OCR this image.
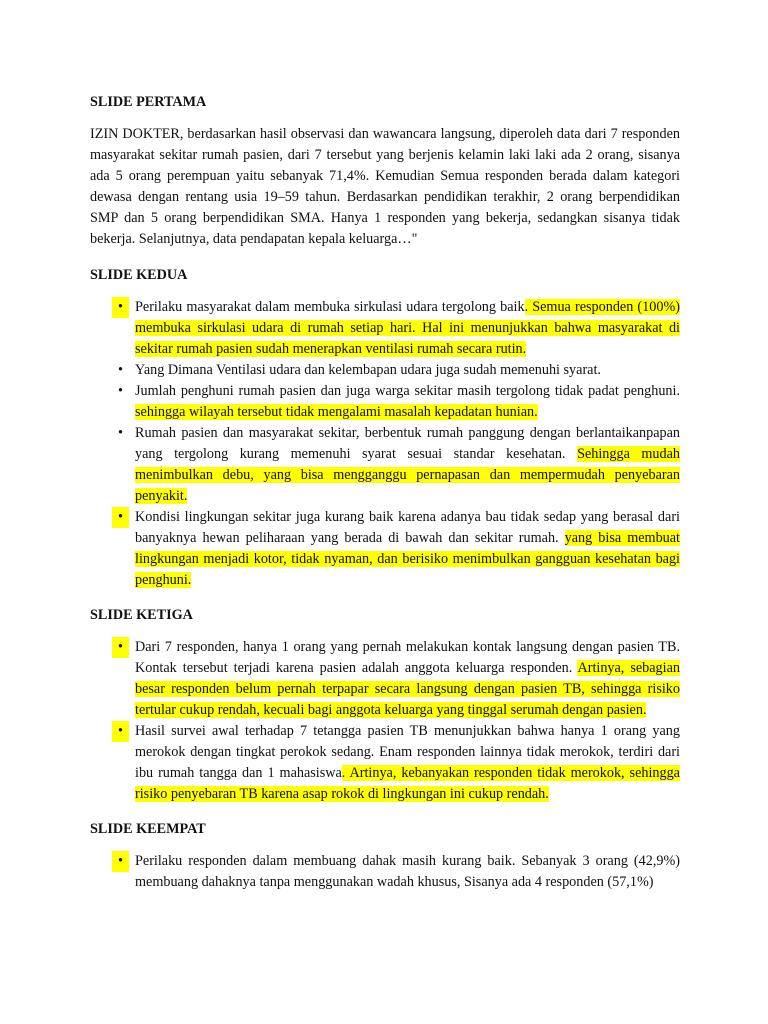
SLIDE PERTAMA

IZIN DOKTER, berdasarkan hasil observasi dan wawancara langsung, diperoleh data dari 7 responden masyarakat sekitar rumah pasien, dari 7 tersebut yang berjenis kelamin laki laki ada 2 orang, sisanya ada 5 orang perempuan yaitu sebanyak 71,4%. Kemudian Semua responden berada dalam kategori dewasa dengan rentang usia 19–59 tahun. Berdasarkan pendidikan terakhir, 2 orang berpendidikan SMP dan 5 orang berpendidikan SMA. Hanya 1 responden yang bekerja, sedangkan sisanya tidak bekerja. Selanjutnya, data pendapatan kepala keluarga…"

SLIDE KEDUA
• Perilaku masyarakat dalam membuka sirkulasi udara tergolong baik. Semua responden (100%) membuka sirkulasi udara di rumah setiap hari. Hal ini menunjukkan bahwa masyarakat di sekitar rumah pasien sudah menerapkan ventilasi rumah secara rutin.
• Yang Dimana Ventilasi udara dan kelembapan udara juga sudah memenuhi syarat.
• Jumlah penghuni rumah pasien dan juga warga sekitar masih tergolong tidak padat penghuni. sehingga wilayah tersebut tidak mengalami masalah kepadatan hunian.
• Rumah pasien dan masyarakat sekitar, berbentuk rumah panggung dengan berlantaikanpapan yang tergolong kurang memenuhi syarat sesuai standar kesehatan. Sehingga mudah menimbulkan debu, yang bisa mengganggu pernapasan dan mempermudah penyebaran penyakit.
• Kondisi lingkungan sekitar juga kurang baik karena adanya bau tidak sedap yang berasal dari banyaknya hewan peliharaan yang berada di bawah dan sekitar rumah. yang bisa membuat lingkungan menjadi kotor, tidak nyaman, dan berisiko menimbulkan gangguan kesehatan bagi penghuni.
SLIDE KETIGA
• Dari 7 responden, hanya 1 orang yang pernah melakukan kontak langsung dengan pasien TB. Kontak tersebut terjadi karena pasien adalah anggota keluarga responden. Artinya, sebagian besar responden belum pernah terpapar secara langsung dengan pasien TB, sehingga risiko tertular cukup rendah, kecuali bagi anggota keluarga yang tinggal serumah dengan pasien.
• Hasil survei awal terhadap 7 tetangga pasien TB menunjukkan bahwa hanya 1 orang yang merokok dengan tingkat perokok sedang. Enam responden lainnya tidak merokok, terdiri dari ibu rumah tangga dan 1 mahasiswa. Artinya, kebanyakan responden tidak merokok, sehingga risiko penyebaran TB karena asap rokok di lingkungan ini cukup rendah.
SLIDE KEEMPAT
• Perilaku responden dalam membuang dahak masih kurang baik. Sebanyak 3 orang (42,9%) membuang dahaknya tanpa menggunakan wadah khusus, Sisanya ada 4 responden (57,1%)
